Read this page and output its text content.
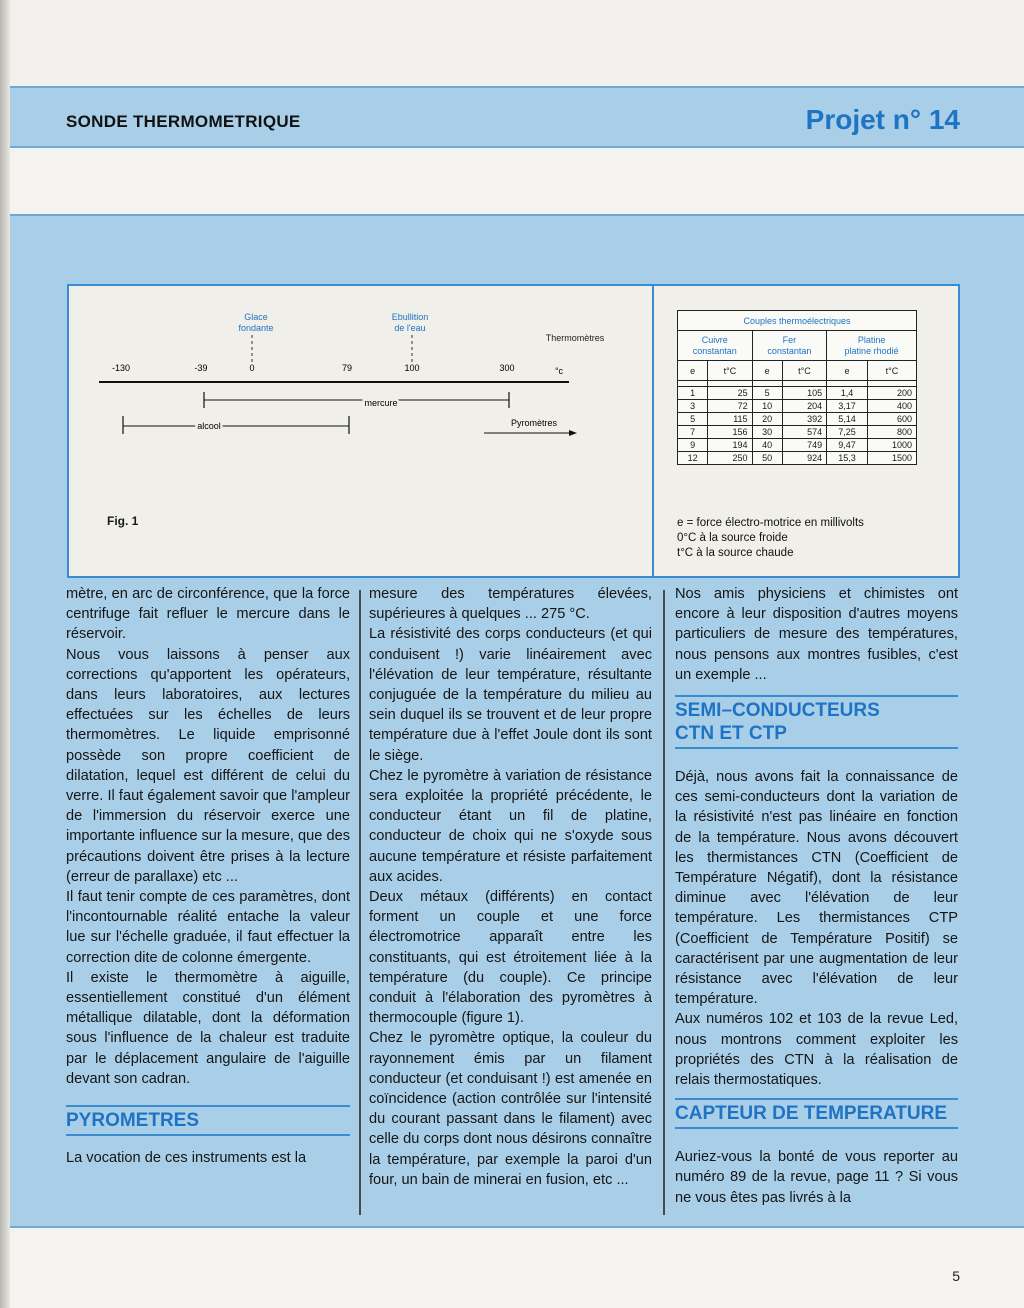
SONDE THERMOMETRIQUE	Projet n° 14
5
Glace
fondante
Ebullition
de l'eau
Thermomètres
-130	-39	0	79	100	300	°c
mercure
alcool	Pyromètres
Fig. 1
Couples thermoélectriques					
Cuivre
constantan		Fer
constantan		Platine
platine rhodié	
e	t°C	e	t°C	e	t°C

1	25	5	105	1,4	200
3	72	10	204	3,17	400
5	115	20	392	5,14	600
7	156	30	574	7,25	800
9	194	40	749	9,47	1000
12	250	50	924	15,3	1500
e = force électro-motrice en millivolts
0°C à la source froide
t°C à la source chaude

mètre, en arc de circonférence, que la force centrifuge fait refluer le mercure dans le réservoir.

Nous vous laissons à penser aux corrections qu'apportent les opérateurs, dans leurs laboratoires, aux lectures effectuées sur les échelles de leurs thermomètres. Le liquide emprisonné possède son propre coefficient de dilatation, lequel est différent de celui du verre. Il faut également savoir que l'ampleur de l'immersion du réservoir exerce une importante influence sur la mesure, que des précautions doivent être prises à la lecture (erreur de parallaxe) etc ...

Il faut tenir compte de ces paramètres, dont l'incontournable réalité entache la valeur lue sur l'échelle graduée, il faut effectuer la correction dite de colonne émergente.

Il existe le thermomètre à aiguille, essentiellement constitué d'un élément métallique dilatable, dont la déformation sous l'influence de la chaleur est traduite par le déplacement angulaire de l'aiguille devant son cadran.

PYROMETRES

La vocation de ces instruments est la

mesure des températures élevées, supérieures à quelques ... 275 °C.

La résistivité des corps conducteurs (et qui conduisent !) varie linéairement avec l'élévation de leur température, résultante conjuguée de la température du milieu au sein duquel ils se trouvent et de leur propre température due à l'effet Joule dont ils sont le siège.

Chez le pyromètre à variation de résistance sera exploitée la propriété précédente, le conducteur étant un fil de platine, conducteur de choix qui ne s'oxyde sous aucune température et résiste parfaitement aux acides.

Deux métaux (différents) en contact forment un couple et une force électromotrice apparaît entre les constituants, qui est étroitement liée à la température (du couple). Ce principe conduit à l'élaboration des pyromètres à thermocouple (figure 1).

Chez le pyromètre optique, la couleur du rayonnement émis par un filament conducteur (et conduisant !) est amenée en coïncidence (action contrôlée sur l'intensité du courant passant dans le filament) avec celle du corps dont nous désirons connaître la température, par exemple la paroi d'un four, un bain de minerai en fusion, etc ...

Nos amis physiciens et chimistes ont encore à leur disposition d'autres moyens particuliers de mesure des températures, nous pensons aux montres fusibles, c'est un exemple ...

SEMI–CONDUCTEURS
CTN ET CTP

Déjà, nous avons fait la connaissance de ces semi-conducteurs dont la variation de la résistivité n'est pas linéaire en fonction de la température. Nous avons découvert les thermistances CTN (Coefficient de Température Négatif), dont la résistance diminue avec l'élévation de leur température. Les thermistances CTP (Coefficient de Température Positif) se caractérisent par une augmentation de leur résistance avec l'élévation de leur température.

Aux numéros 102 et 103 de la revue Led, nous montrons comment exploiter les propriétés des CTN à la réalisation de relais thermostatiques.

CAPTEUR DE TEMPERATURE

Auriez-vous la bonté de vous reporter au numéro 89 de la revue, page 11 ? Si vous ne vous êtes pas livrés à la
